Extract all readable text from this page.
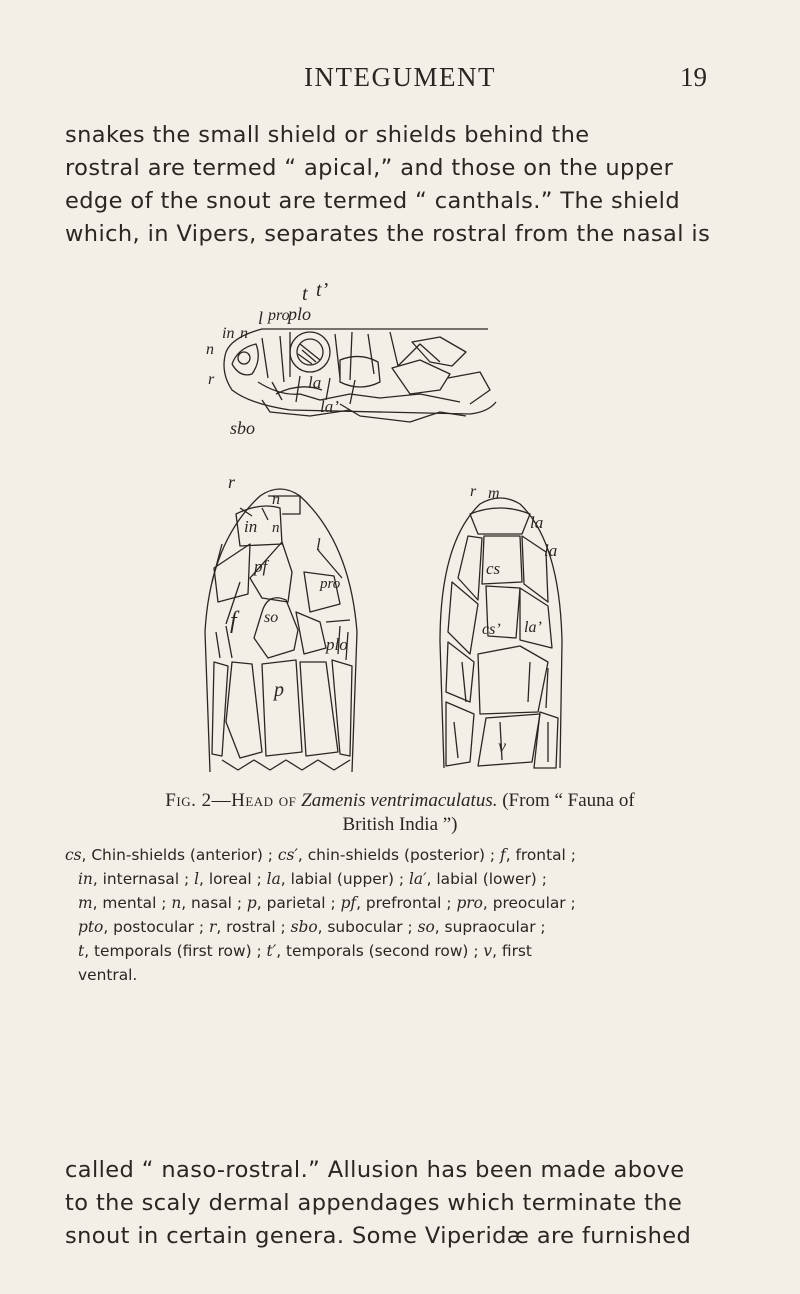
INTEGUMENT	19
snakes the small shield or shields behind the
rostral are termed “ apical,” and those on the upper
edge of the snout are termed “ canthals.” The shield
which, in Vipers, separates the rostral from the nasal is
t t’
l pro
plo
in n
n
r	la
la’
sbo
r
n
in n
l
pf
pro
f so
plo
p
r m
la
la
cs
cs’ la’
v
Fig. 2—Head of Zamenis ventrimaculatus. (From “ Fauna of
British India ”)
cs, Chin-shields (anterior) ; cs′, chin-shields (posterior) ; f, frontal ;
in, internasal ; l, loreal ; la, labial (upper) ; la′, labial (lower) ;
m, mental ; n, nasal ; p, parietal ; pf, prefrontal ; pro, preocular ;
pto, postocular ; r, rostral ; sbo, subocular ; so, supraocular ;
t, temporals (first row) ; t′, temporals (second row) ; v, first
ventral.
called “ naso-rostral.” Allusion has been made above
to the scaly dermal appendages which terminate the
snout in certain genera. Some Viperidæ are furnished
